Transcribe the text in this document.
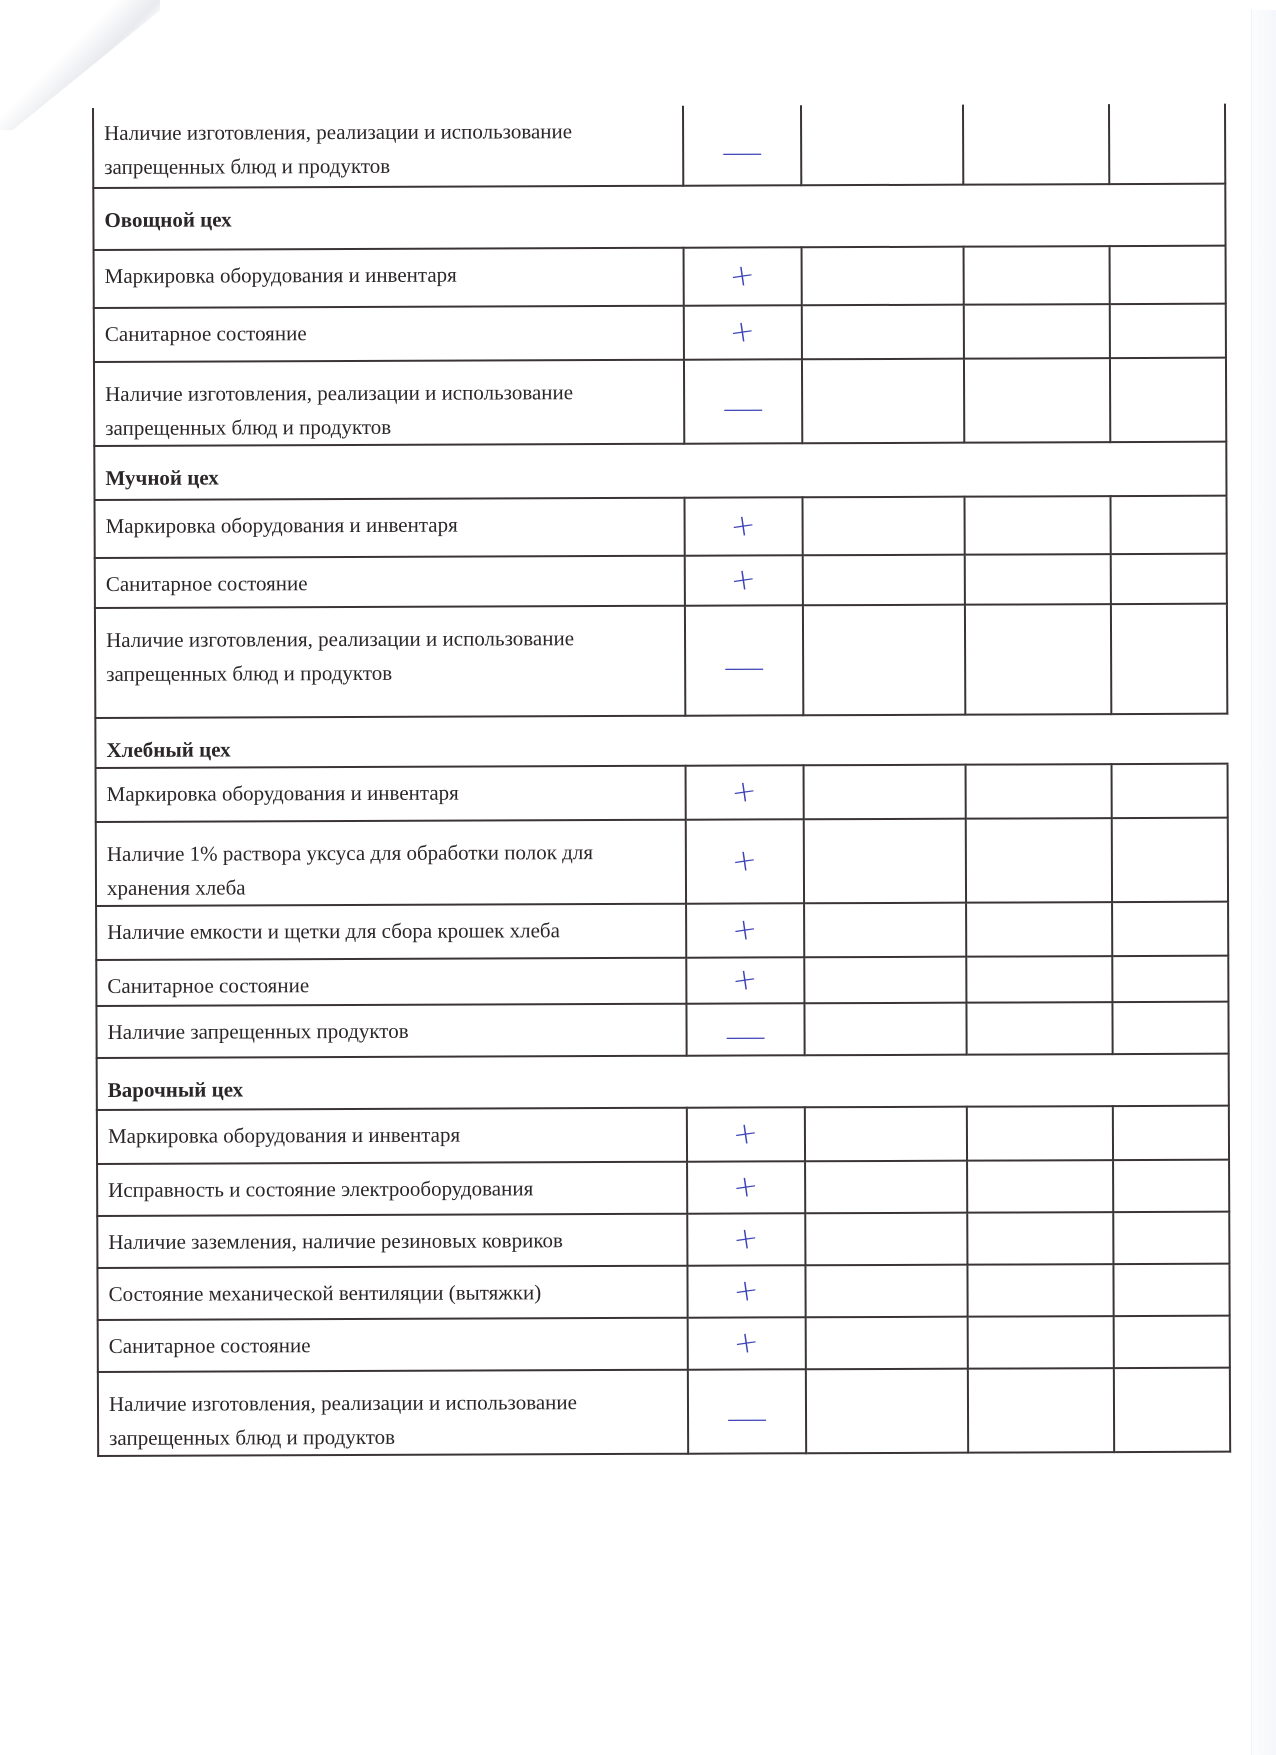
Наличие изготовления, реализации и использование запрещенных блюд и продуктов	—			
Овощной цех				
Маркировка оборудования и инвентаря	+			
Санитарное состояние	+			
Наличие изготовления, реализации и использование запрещенных блюд и продуктов	—			
Мучной цех				
Маркировка оборудования и инвентаря	+			
Санитарное состояние	+			
Наличие изготовления, реализации и использование запрещенных блюд и продуктов	—			
Хлебный цех				
Маркировка оборудования и инвентаря	+			
Наличие 1% раствора уксуса для обработки полок для хранения хлеба	+			
Наличие емкости и щетки для сбора крошек хлеба	+			
Санитарное состояние	+			
Наличие запрещенных продуктов	—			
Варочный цех				
Маркировка оборудования и инвентаря	+			
Исправность и состояние электрооборудования	+			
Наличие заземления, наличие резиновых ковриков	+			
Состояние механической вентиляции (вытяжки)	+			
Санитарное состояние	+			
Наличие изготовления, реализации и использование запрещенных блюд и продуктов	—			
